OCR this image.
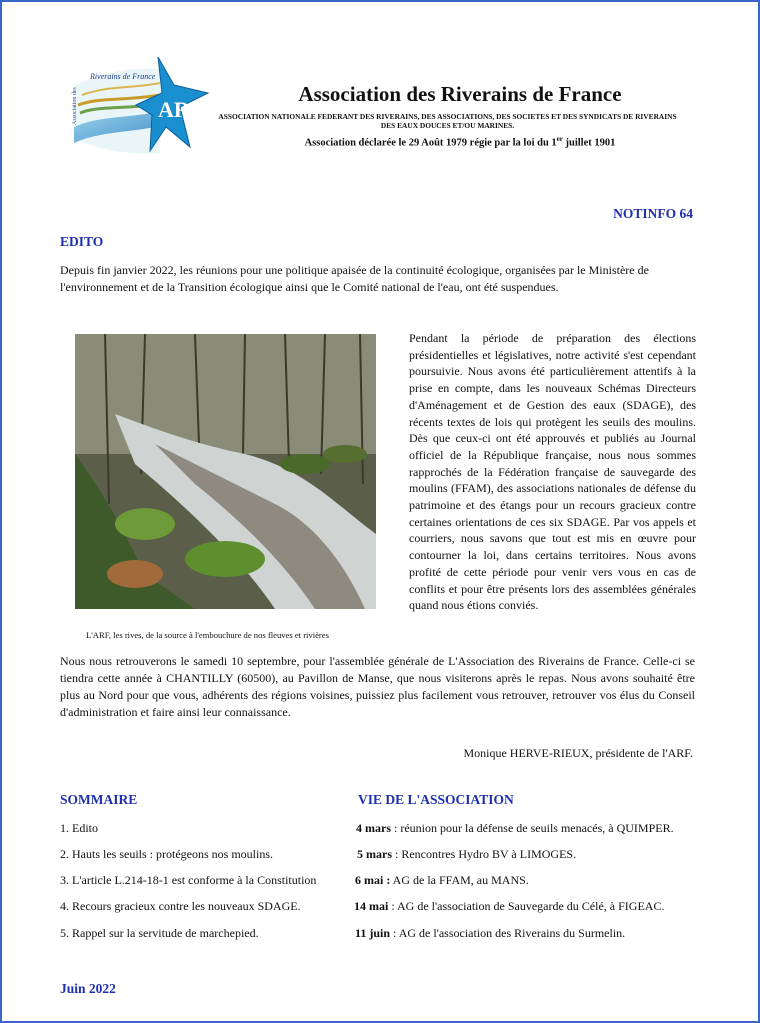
ARF
Riverains de France
Association des	Association des Riverains de France
ASSOCIATION NATIONALE FEDERANT DES RIVERAINS, DES ASSOCIATIONS, DES SOCIETES ET DES SYNDICATS DE RIVERAINS
DES EAUX DOUCES ET/OU MARINES.
Association déclarée le 29 Août 1979 régie par la loi du 1er juillet 1901
NOTINFO 64
EDITO
Depuis fin janvier 2022, les réunions pour une politique apaisée de la continuité écologique, organisées par le Ministère de l'environnement et de la Transition écologique ainsi que le Comité national de l'eau, ont été suspendues.
L'ARF, les rives, de la source à l'embouchure de nos fleuves et rivières
Pendant la période de préparation des élections présidentielles et législatives, notre activité s'est cependant poursuivie. Nous avons été particulièrement attentifs à la prise en compte, dans les nouveaux Schémas Directeurs d'Aménagement et de Gestion des eaux (SDAGE), des récents textes de lois qui protègent les seuils des moulins. Dès que ceux-ci ont été approuvés et publiés au Journal officiel de la République française, nous nous sommes rapprochés de la Fédération française de sauvegarde des moulins (FFAM), des associations nationales de défense du patrimoine et des étangs pour un recours gracieux contre certaines orientations de ces six SDAGE. Par vos appels et courriers, nous savons que tout est mis en œuvre pour contourner la loi, dans certains territoires. Nous avons profité de cette période pour venir vers vous en cas de conflits et pour être présents lors des assemblées générales quand nous étions conviés.
Nous nous retrouverons le samedi 10 septembre, pour l'assemblée générale de L'Association des Riverains de France. Celle-ci se tiendra cette année à CHANTILLY (60500), au Pavillon de Manse, que nous visiterons après le repas. Nous avons souhaité être plus au Nord pour que vous, adhérents des régions voisines, puissiez plus facilement vous retrouver, retrouver vos élus du Conseil d'administration et faire ainsi leur connaissance.
Monique HERVE-RIEUX, présidente de l'ARF.
SOMMAIRE	VIE DE L'ASSOCIATION
1. Edito
2. Hauts les seuils : protégeons nos moulins.
3. L'article L.214-18-1 est conforme à la Constitution
4. Recours gracieux contre les nouveaux SDAGE.
5. Rappel sur la servitude de marchepied.
4 mars : réunion pour la défense de seuils menacés, à QUIMPER.
5 mars : Rencontres Hydro BV à LIMOGES.
6 mai : AG de la FFAM, au MANS.
14 mai : AG de l'association de Sauvegarde du Célé, à FIGEAC.
11 juin : AG de l'association des Riverains du Surmelin.
Juin 2022
